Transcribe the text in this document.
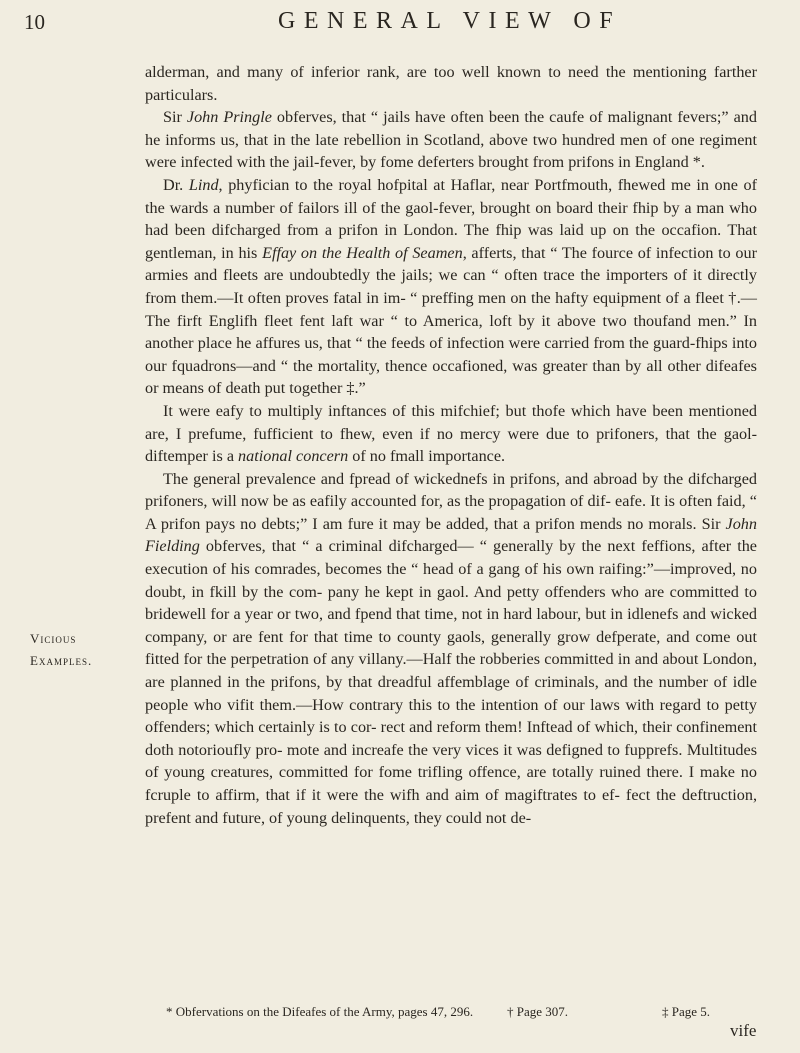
10	GENERAL VIEW OF
Vicious
Examples.

alderman, and many of inferior rank, are too well known to need the mentioning farther particulars.

Sir John Pringle obferves, that “ jails have often been the caufe of malignant fevers;” and he informs us, that in the late rebellion in Scotland, above two hundred men of one regiment were infected with the jail-fever, by fome deferters brought from prifons in England *.

Dr. Lind, phyfician to the royal hofpital at Haflar, near Portfmouth, fhewed me in one of the wards a number of failors ill of the gaol-fever, brought on board their fhip by a man who had been difcharged from a prifon in London. The fhip was laid up on the occafion. That gentleman, in his Effay on the Health of Seamen, afferts, that “ The fource of infection to our armies and fleets are undoubtedly the jails; we can “ often trace the importers of it directly from them.—It often proves fatal in im- “ preffing men on the hafty equipment of a fleet †.—The firft Englifh fleet fent laft war “ to America, loft by it above two thoufand men.” In another place he affures us, that “ the feeds of infection were carried from the guard-fhips into our fquadrons—and “ the mortality, thence occafioned, was greater than by all other difeafes or means of death put together ‡.”

It were eafy to multiply inftances of this mifchief; but thofe which have been mentioned are, I prefume, fufficient to fhew, even if no mercy were due to prifoners, that the gaol-diftemper is a national concern of no fmall importance.

The general prevalence and fpread of wickednefs in prifons, and abroad by the difcharged prifoners, will now be as eafily accounted for, as the propagation of dif- eafe. It is often faid, “ A prifon pays no debts;” I am fure it may be added, that a prifon mends no morals. Sir John Fielding obferves, that “ a criminal difcharged— “ generally by the next feffions, after the execution of his comrades, becomes the “ head of a gang of his own raifing:”—improved, no doubt, in fkill by the com- pany he kept in gaol. And petty offenders who are committed to bridewell for a year or two, and fpend that time, not in hard labour, but in idlenefs and wicked company, or are fent for that time to county gaols, generally grow defperate, and come out fitted for the perpetration of any villany.—Half the robberies committed in and about London, are planned in the prifons, by that dreadful affemblage of criminals, and the number of idle people who vifit them.—How contrary this to the intention of our laws with regard to petty offenders; which certainly is to cor- rect and reform them! Inftead of which, their confinement doth notorioufly pro- mote and increafe the very vices it was defigned to fupprefs. Multitudes of young creatures, committed for fome trifling offence, are totally ruined there. I make no fcruple to affirm, that if it were the wifh and aim of magiftrates to ef- fect the deftruction, prefent and future, of young delinquents, they could not de-

* Obfervations on the Difeafes of the Army, pages 47, 296.	† Page 307.	‡ Page 5.
vife
